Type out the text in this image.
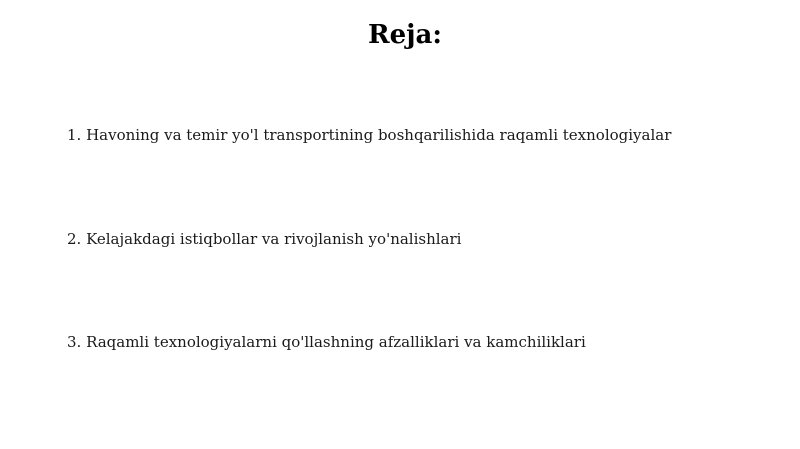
Reja:
1. Havoning va temir yo'l transportining boshqarilishida raqamli texnologiyalar
2. Kelajakdagi istiqbollar va rivojlanish yo'nalishlari
3. Raqamli texnologiyalarni qo'llashning afzalliklari va kamchiliklari
